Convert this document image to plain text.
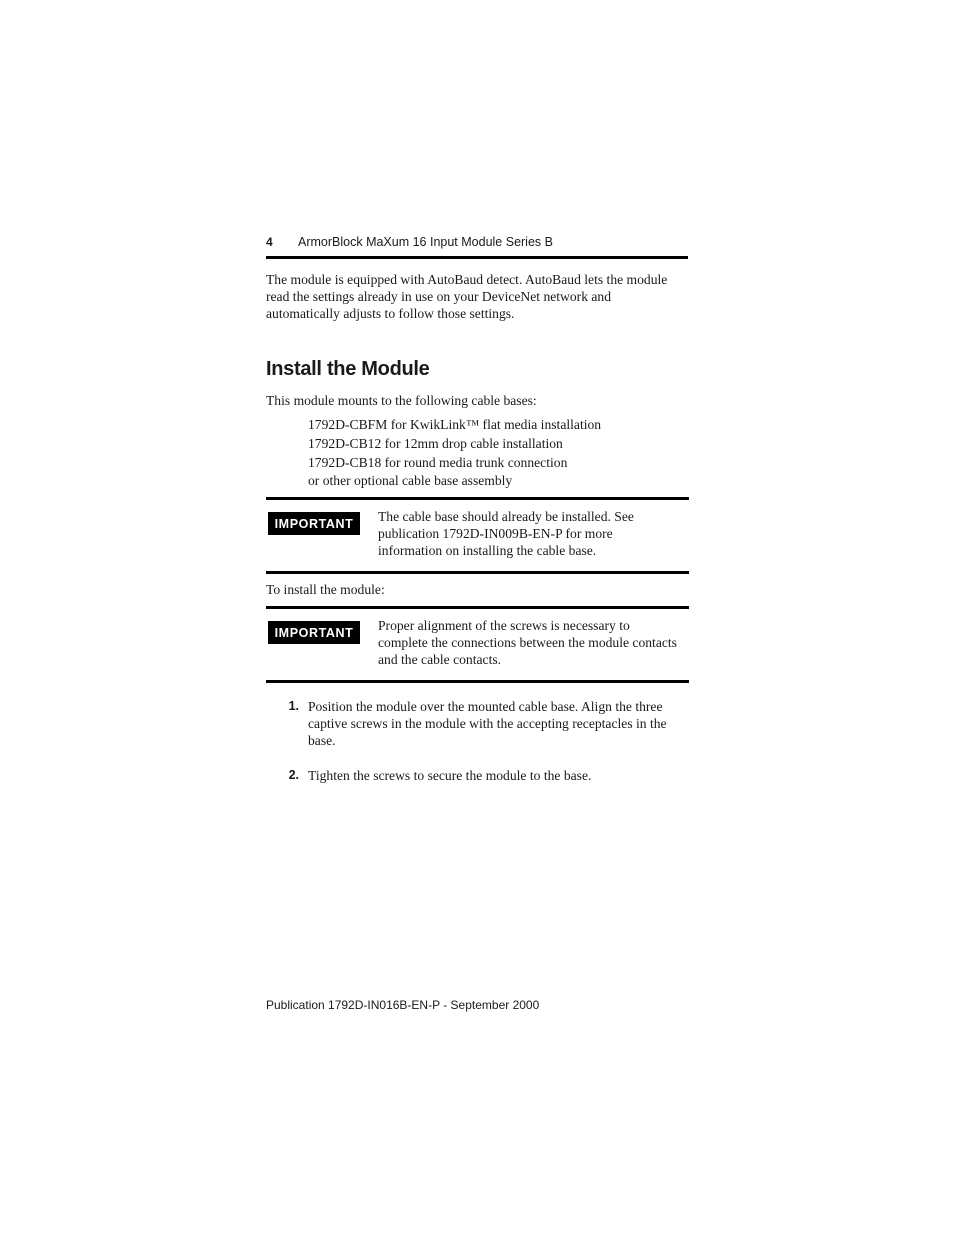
4 ArmorBlock MaXum 16 Input Module Series B

The module is equipped with AutoBaud detect. AutoBaud lets the module read the settings already in use on your DeviceNet network and automatically adjusts to follow those settings.

Install the Module

This module mounts to the following cable bases:

1792D-CBFM for KwikLink™ flat media installation
1792D-CB12 for 12mm drop cable installation
1792D-CB18 for round media trunk connection
or other optional cable base assembly
IMPORTANT	The cable base should already be installed. See publication 1792D-IN009B-EN-P for more information on installing the cable base.

To install the module:

IMPORTANT	Proper alignment of the screws is necessary to complete the connections between the module contacts and the cable contacts.

1. Position the module over the mounted cable base. Align the three captive screws in the module with the accepting receptacles in the base.
2. Tighten the screws to secure the module to the base.
Publication 1792D-IN016B-EN-P - September 2000
